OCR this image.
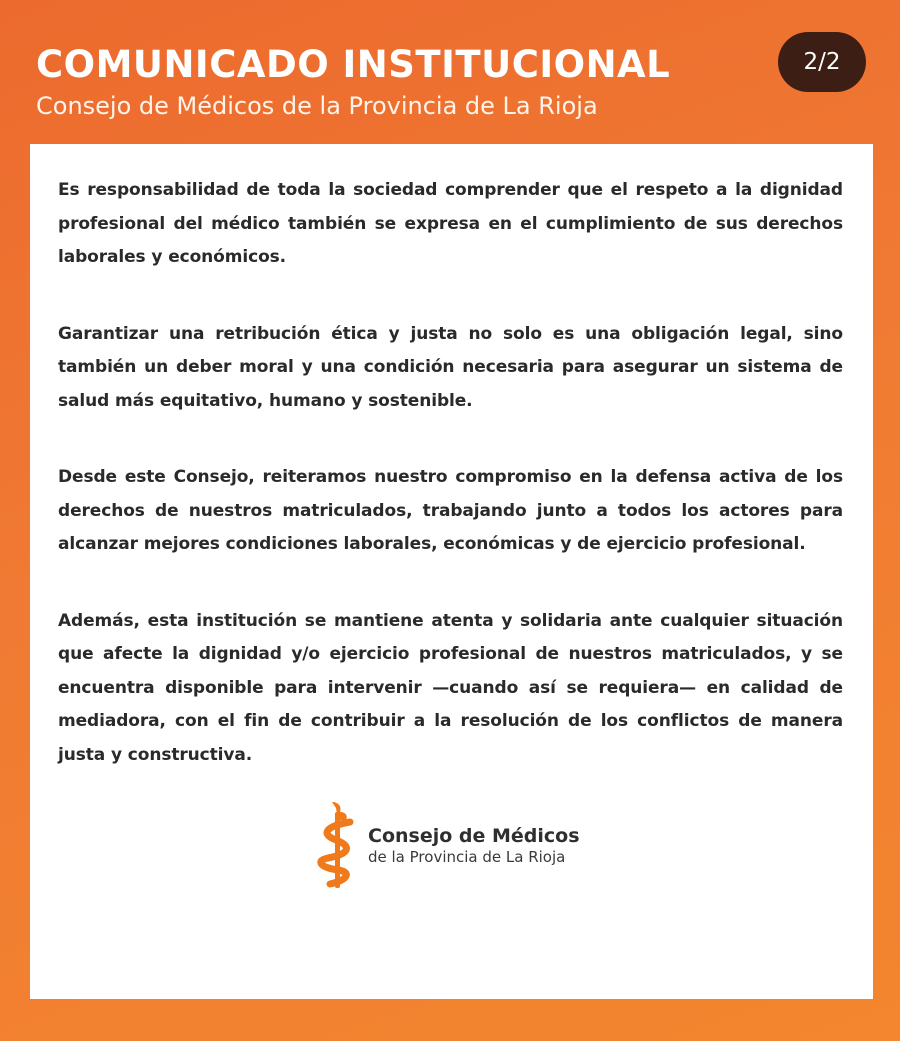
COMUNICADO INSTITUCIONAL
Consejo de Médicos de la Provincia de La Rioja
2/2

Es responsabilidad de toda la sociedad comprender que el respeto a la dignidad profesional del médico también se expresa en el cumplimiento de sus derechos laborales y económicos.

Garantizar una retribución ética y justa no solo es una obligación legal, sino también un deber moral y una condición necesaria para asegurar un sistema de salud más equitativo, humano y sostenible.

Desde este Consejo, reiteramos nuestro compromiso en la defensa activa de los derechos de nuestros matriculados, trabajando junto a todos los actores para alcanzar mejores condiciones laborales, económicas y de ejercicio profesional.

Además, esta institución se mantiene atenta y solidaria ante cualquier situación que afecte la dignidad y/o ejercicio profesional de nuestros matriculados, y se encuentra disponible para intervenir —cuando así se requiera— en calidad de mediadora, con el fin de contribuir a la resolución de los conflictos de manera justa y constructiva.

Consejo de Médicos
de la Provincia de La Rioja
